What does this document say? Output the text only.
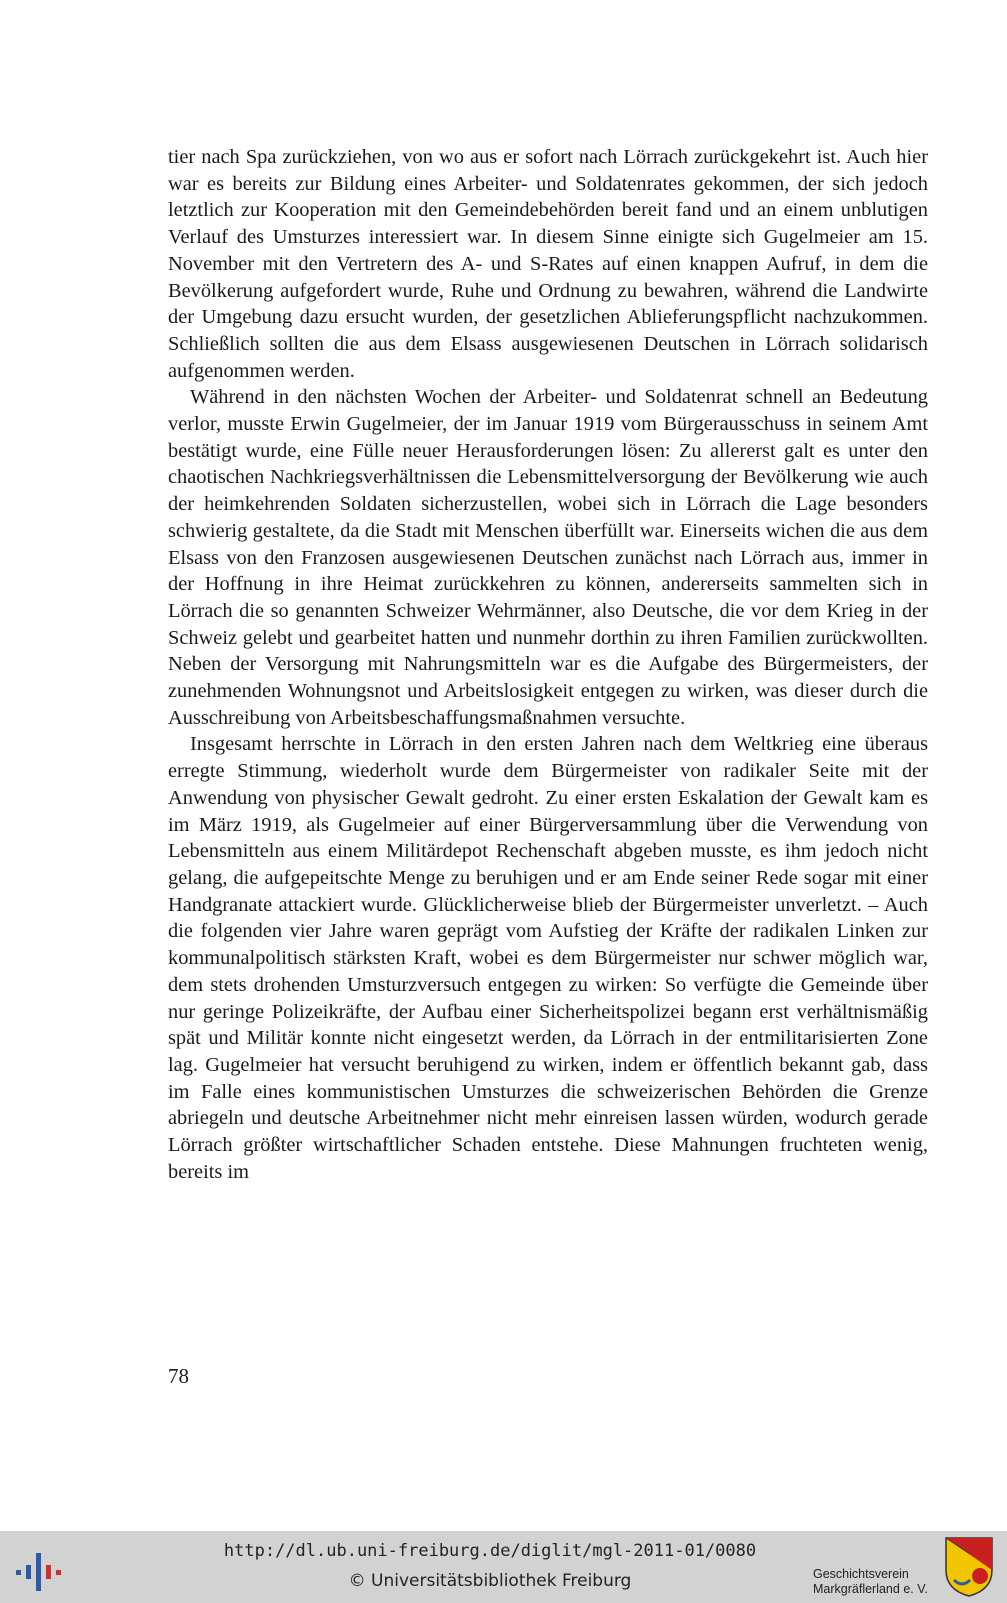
tier nach Spa zurückziehen, von wo aus er sofort nach Lörrach zurückgekehrt ist. Auch hier war es bereits zur Bildung eines Arbeiter- und Soldatenrates gekommen, der sich jedoch letztlich zur Kooperation mit den Gemeindebehörden bereit fand und an einem unblutigen Verlauf des Umsturzes interessiert war. In diesem Sinne einigte sich Gugelmeier am 15. November mit den Vertretern des A- und S-Rates auf einen knappen Aufruf, in dem die Bevölkerung aufgefordert wurde, Ruhe und Ordnung zu bewahren, während die Landwirte der Umgebung dazu ersucht wurden, der gesetzlichen Ablieferungspflicht nachzukommen. Schließlich sollten die aus dem Elsass ausgewiesenen Deutschen in Lörrach solidarisch aufgenommen werden.

Während in den nächsten Wochen der Arbeiter- und Soldatenrat schnell an Bedeutung verlor, musste Erwin Gugelmeier, der im Januar 1919 vom Bürgerausschuss in seinem Amt bestätigt wurde, eine Fülle neuer Herausforderungen lösen: Zu allererst galt es unter den chaotischen Nachkriegsverhältnissen die Lebensmittelversorgung der Bevölkerung wie auch der heimkehrenden Soldaten sicherzustellen, wobei sich in Lörrach die Lage besonders schwierig gestaltete, da die Stadt mit Menschen überfüllt war. Einerseits wichen die aus dem Elsass von den Franzosen ausgewiesenen Deutschen zunächst nach Lörrach aus, immer in der Hoffnung in ihre Heimat zurückkehren zu können, andererseits sammelten sich in Lörrach die so genannten Schweizer Wehrmänner, also Deutsche, die vor dem Krieg in der Schweiz gelebt und gearbeitet hatten und nunmehr dorthin zu ihren Familien zurückwollten. Neben der Versorgung mit Nahrungsmitteln war es die Aufgabe des Bürgermeisters, der zunehmenden Wohnungsnot und Arbeitslosigkeit entgegen zu wirken, was dieser durch die Ausschreibung von Arbeitsbeschaffungsmaßnahmen versuchte.

Insgesamt herrschte in Lörrach in den ersten Jahren nach dem Weltkrieg eine überaus erregte Stimmung, wiederholt wurde dem Bürgermeister von radikaler Seite mit der Anwendung von physischer Gewalt gedroht. Zu einer ersten Eskalation der Gewalt kam es im März 1919, als Gugelmeier auf einer Bürgerversammlung über die Verwendung von Lebensmitteln aus einem Militärdepot Rechenschaft abgeben musste, es ihm jedoch nicht gelang, die aufgepeitschte Menge zu beruhigen und er am Ende seiner Rede sogar mit einer Handgranate attackiert wurde. Glücklicherweise blieb der Bürgermeister unverletzt. – Auch die folgenden vier Jahre waren geprägt vom Aufstieg der Kräfte der radikalen Linken zur kommunalpolitisch stärksten Kraft, wobei es dem Bürgermeister nur schwer möglich war, dem stets drohenden Umsturzversuch entgegen zu wirken: So verfügte die Gemeinde über nur geringe Polizeikräfte, der Aufbau einer Sicherheitspolizei begann erst verhältnismäßig spät und Militär konnte nicht eingesetzt werden, da Lörrach in der entmilitarisierten Zone lag. Gugelmeier hat versucht beruhigend zu wirken, indem er öffentlich bekannt gab, dass im Falle eines kommunistischen Umsturzes die schweizerischen Behörden die Grenze abriegeln und deutsche Arbeitnehmer nicht mehr einreisen lassen würden, wodurch gerade Lörrach größter wirtschaftlicher Schaden entstehe. Diese Mahnungen fruchteten wenig, bereits im

78
http://dl.ub.uni-freiburg.de/diglit/mgl-2011-01/0080
© Universitätsbibliothek Freiburg	Geschichtsverein
Markgräflerland e. V.
